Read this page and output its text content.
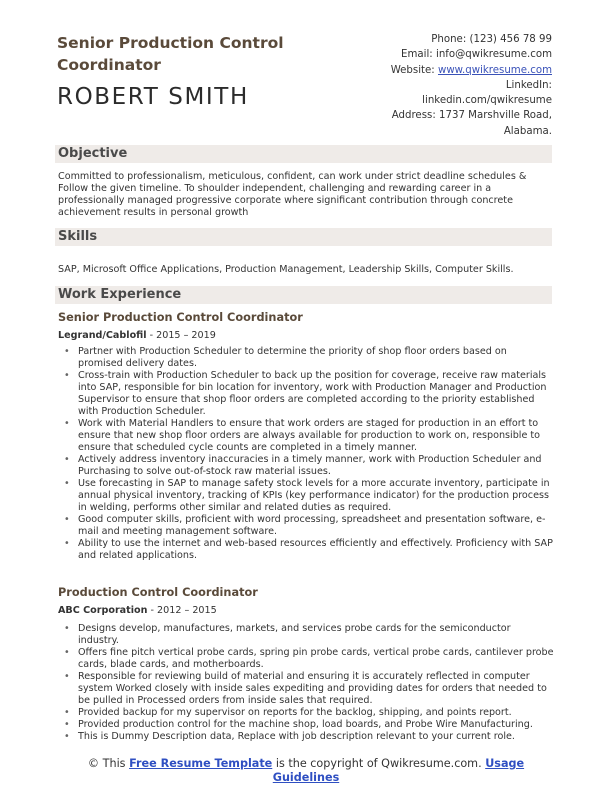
Senior Production Control Coordinator
ROBERT SMITH
Phone: (123) 456 78 99
Email: info@qwikresume.com
Website: www.qwikresume.com
LinkedIn:
linkedin.com/qwikresume
Address: 1737 Marshville Road,
Alabama.
Objective
Committed to professionalism, meticulous, confident, can work under strict deadline schedules & Follow the given timeline. To shoulder independent, challenging and rewarding career in a professionally managed progressive corporate where significant contribution through concrete achievement results in personal growth
Skills
SAP, Microsoft Office Applications, Production Management, Leadership Skills, Computer Skills.
Work Experience
Senior Production Control Coordinator
Legrand/Cablofil - 2015 – 2019
• Partner with Production Scheduler to determine the priority of shop floor orders based on promised delivery dates.
• Cross-train with Production Scheduler to back up the position for coverage, receive raw materials into SAP, responsible for bin location for inventory, work with Production Manager and Production Supervisor to ensure that shop floor orders are completed according to the priority established with Production Scheduler.
• Work with Material Handlers to ensure that work orders are staged for production in an effort to ensure that new shop floor orders are always available for production to work on, responsible to ensure that scheduled cycle counts are completed in a timely manner.
• Actively address inventory inaccuracies in a timely manner, work with Production Scheduler and Purchasing to solve out-of-stock raw material issues.
• Use forecasting in SAP to manage safety stock levels for a more accurate inventory, participate in annual physical inventory, tracking of KPIs (key performance indicator) for the production process in welding, performs other similar and related duties as required.
• Good computer skills, proficient with word processing, spreadsheet and presentation software, e-mail and meeting management software.
• Ability to use the internet and web-based resources efficiently and effectively. Proficiency with SAP and related applications.
Production Control Coordinator
ABC Corporation - 2012 – 2015
• Designs develop, manufactures, markets, and services probe cards for the semiconductor industry.
• Offers fine pitch vertical probe cards, spring pin probe cards, vertical probe cards, cantilever probe cards, blade cards, and motherboards.
• Responsible for reviewing build of material and ensuring it is accurately reflected in computer system Worked closely with inside sales expediting and providing dates for orders that needed to be pulled in Processed orders from inside sales that required.
• Provided backup for my supervisor on reports for the backlog, shipping, and points report.
• Provided production control for the machine shop, load boards, and Probe Wire Manufacturing.
• This is Dummy Description data, Replace with job description relevant to your current role.
© This Free Resume Template is the copyright of Qwikresume.com. Usage
Guidelines
